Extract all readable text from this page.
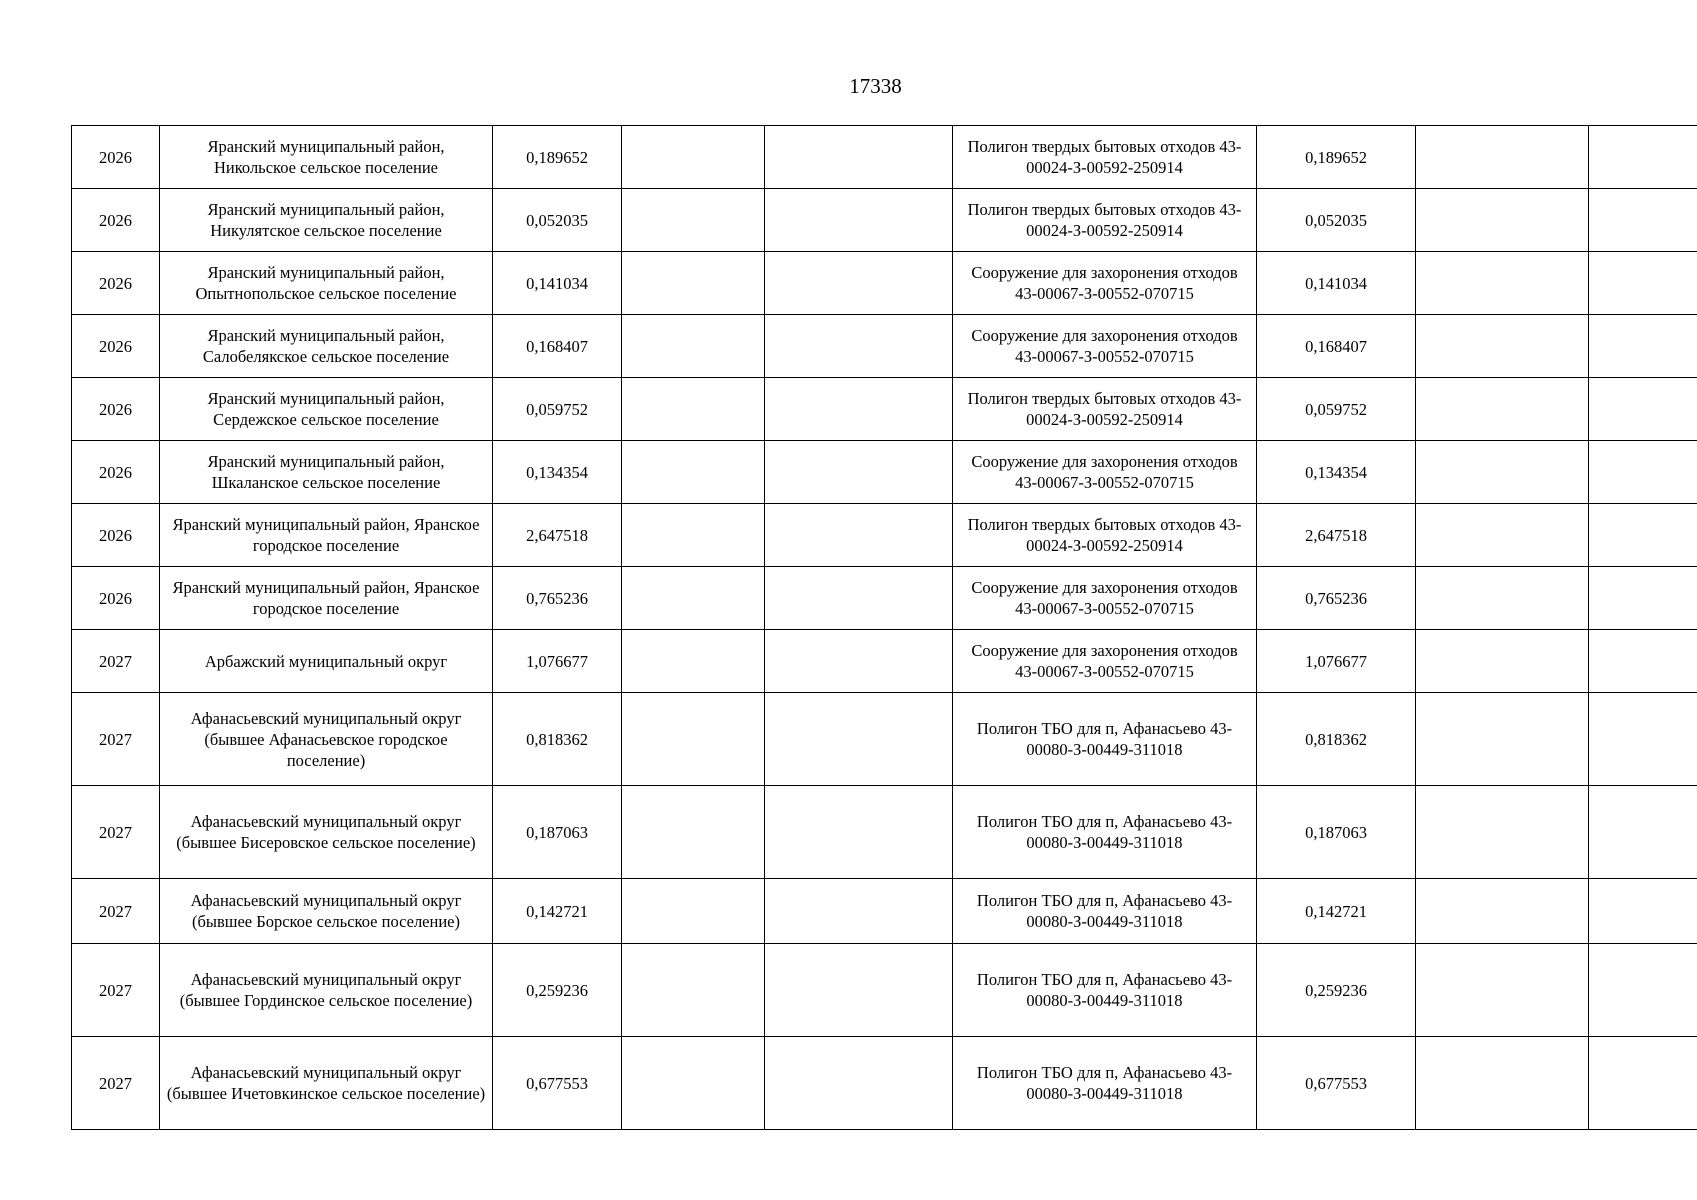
17338
2026	Яранский муниципальный район, Никольское сельское поселение	0,189652			Полигон твердых бытовых отходов 43-00024-З-00592-250914	0,189652		
2026	Яранский муниципальный район, Никулятское сельское поселение	0,052035			Полигон твердых бытовых отходов 43-00024-З-00592-250914	0,052035		
2026	Яранский муниципальный район, Опытнопольское сельское поселение	0,141034			Сооружение для захоронения отходов 43-00067-З-00552-070715	0,141034		
2026	Яранский муниципальный район, Салобелякское сельское поселение	0,168407			Сооружение для захоронения отходов 43-00067-З-00552-070715	0,168407		
2026	Яранский муниципальный район, Сердежское сельское поселение	0,059752			Полигон твердых бытовых отходов 43-00024-З-00592-250914	0,059752		
2026	Яранский муниципальный район, Шкаланское сельское поселение	0,134354			Сооружение для захоронения отходов 43-00067-З-00552-070715	0,134354		
2026	Яранский муниципальный район, Яранское городское поселение	2,647518			Полигон твердых бытовых отходов 43-00024-З-00592-250914	2,647518		
2026	Яранский муниципальный район, Яранское городское поселение	0,765236			Сооружение для захоронения отходов 43-00067-З-00552-070715	0,765236		
2027	Арбажский муниципальный округ	1,076677			Сооружение для захоронения отходов 43-00067-З-00552-070715	1,076677		
2027	Афанасьевский муниципальный округ (бывшее Афанасьевское городское поселение)	0,818362			Полигон ТБО для п, Афанасьево 43-00080-З-00449-311018	0,818362		
2027	Афанасьевский муниципальный округ (бывшее Бисеровское сельское поселение)	0,187063			Полигон ТБО для п, Афанасьево 43-00080-З-00449-311018	0,187063		
2027	Афанасьевский муниципальный округ (бывшее Борское сельское поселение)	0,142721			Полигон ТБО для п, Афанасьево 43-00080-З-00449-311018	0,142721		
2027	Афанасьевский муниципальный округ (бывшее Гординское сельское поселение)	0,259236			Полигон ТБО для п, Афанасьево 43-00080-З-00449-311018	0,259236		
2027	Афанасьевский муниципальный округ (бывшее Ичетовкинское сельское поселение)	0,677553			Полигон ТБО для п, Афанасьево 43-00080-З-00449-311018	0,677553		
